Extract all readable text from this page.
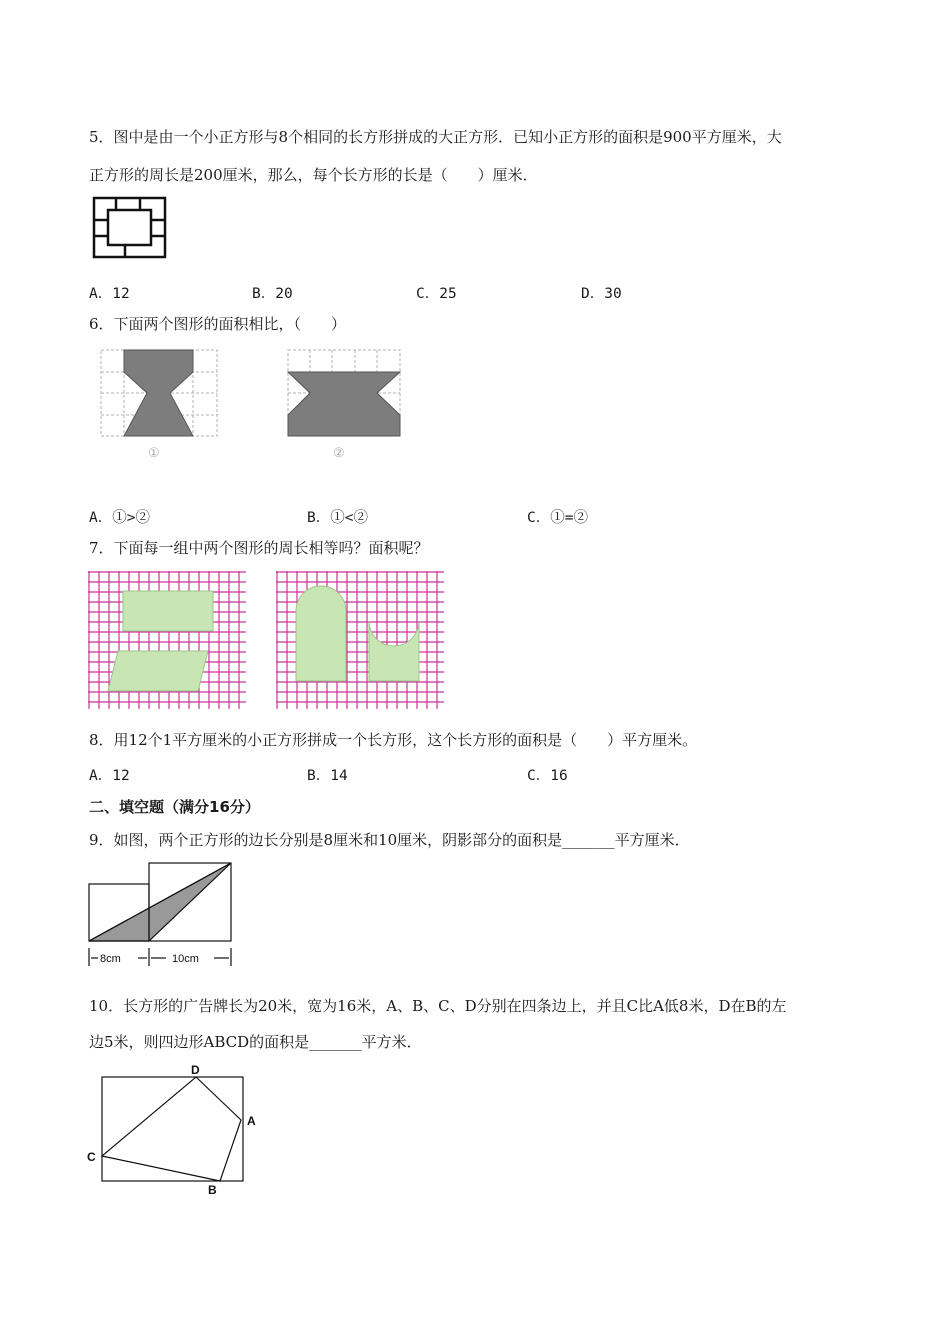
5．图中是由一个小正方形与8个相同的长方形拼成的大正方形．已知小正方形的面积是900平方厘米，大
正方形的周长是200厘米，那么，每个长方形的长是（　　）厘米．
A．12	B．20	C．25	D．30
6．下面两个图形的面积相比，（　　）
①	②
A．①>②	B．①<②	C．①=②
7．下面每一组中两个图形的周长相等吗？面积呢？
8．用12个1平方厘米的小正方形拼成一个长方形，这个长方形的面积是（　　）平方厘米。
A．12	B．14	C．16
二、填空题（满分16分）
9．如图，两个正方形的边长分别是8厘米和10厘米，阴影部分的面积是_______平方厘米．
8cm	10cm
10．长方形的广告牌长为20米，宽为16米，A、B、C、D分别在四条边上，并且C比A低8米，D在B的左
边5米，则四边形ABCD的面积是_______平方米．
D
A
C
B
